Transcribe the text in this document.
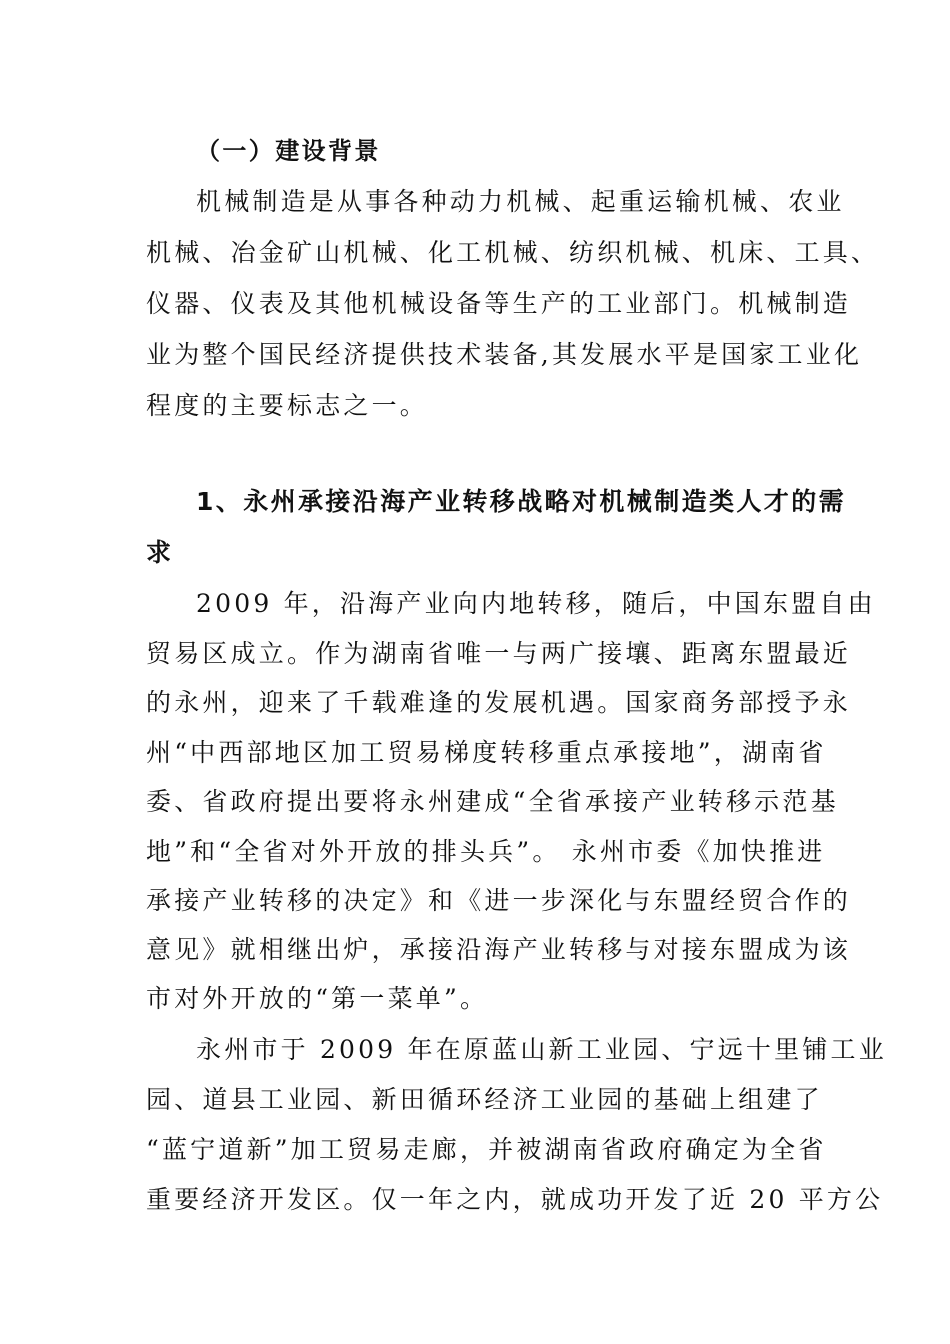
（一）建设背景
机械制造是从事各种动力机械、起重运输机械、农业
机械、冶金矿山机械、化工机械、纺织机械、机床、工具、
仪器、仪表及其他机械设备等生产的工业部门。机械制造
业为整个国民经济提供技术装备,其发展水平是国家工业化
程度的主要标志之一。
1、永州承接沿海产业转移战略对机械制造类人才的需
求
2009 年，沿海产业向内地转移，随后，中国东盟自由
贸易区成立。作为湖南省唯一与两广接壤、距离东盟最近
的永州，迎来了千载难逢的发展机遇。国家商务部授予永
州“中西部地区加工贸易梯度转移重点承接地”，湖南省
委、省政府提出要将永州建成“全省承接产业转移示范基
地”和“全省对外开放的排头兵”。 永州市委《加快推进
承接产业转移的决定》和《进一步深化与东盟经贸合作的
意见》就相继出炉，承接沿海产业转移与对接东盟成为该
市对外开放的“第一菜单”。
永州市于 2009 年在原蓝山新工业园、宁远十里铺工业
园、道县工业园、新田循环经济工业园的基础上组建了
“蓝宁道新”加工贸易走廊，并被湖南省政府确定为全省
重要经济开发区。仅一年之内，就成功开发了近 20 平方公
